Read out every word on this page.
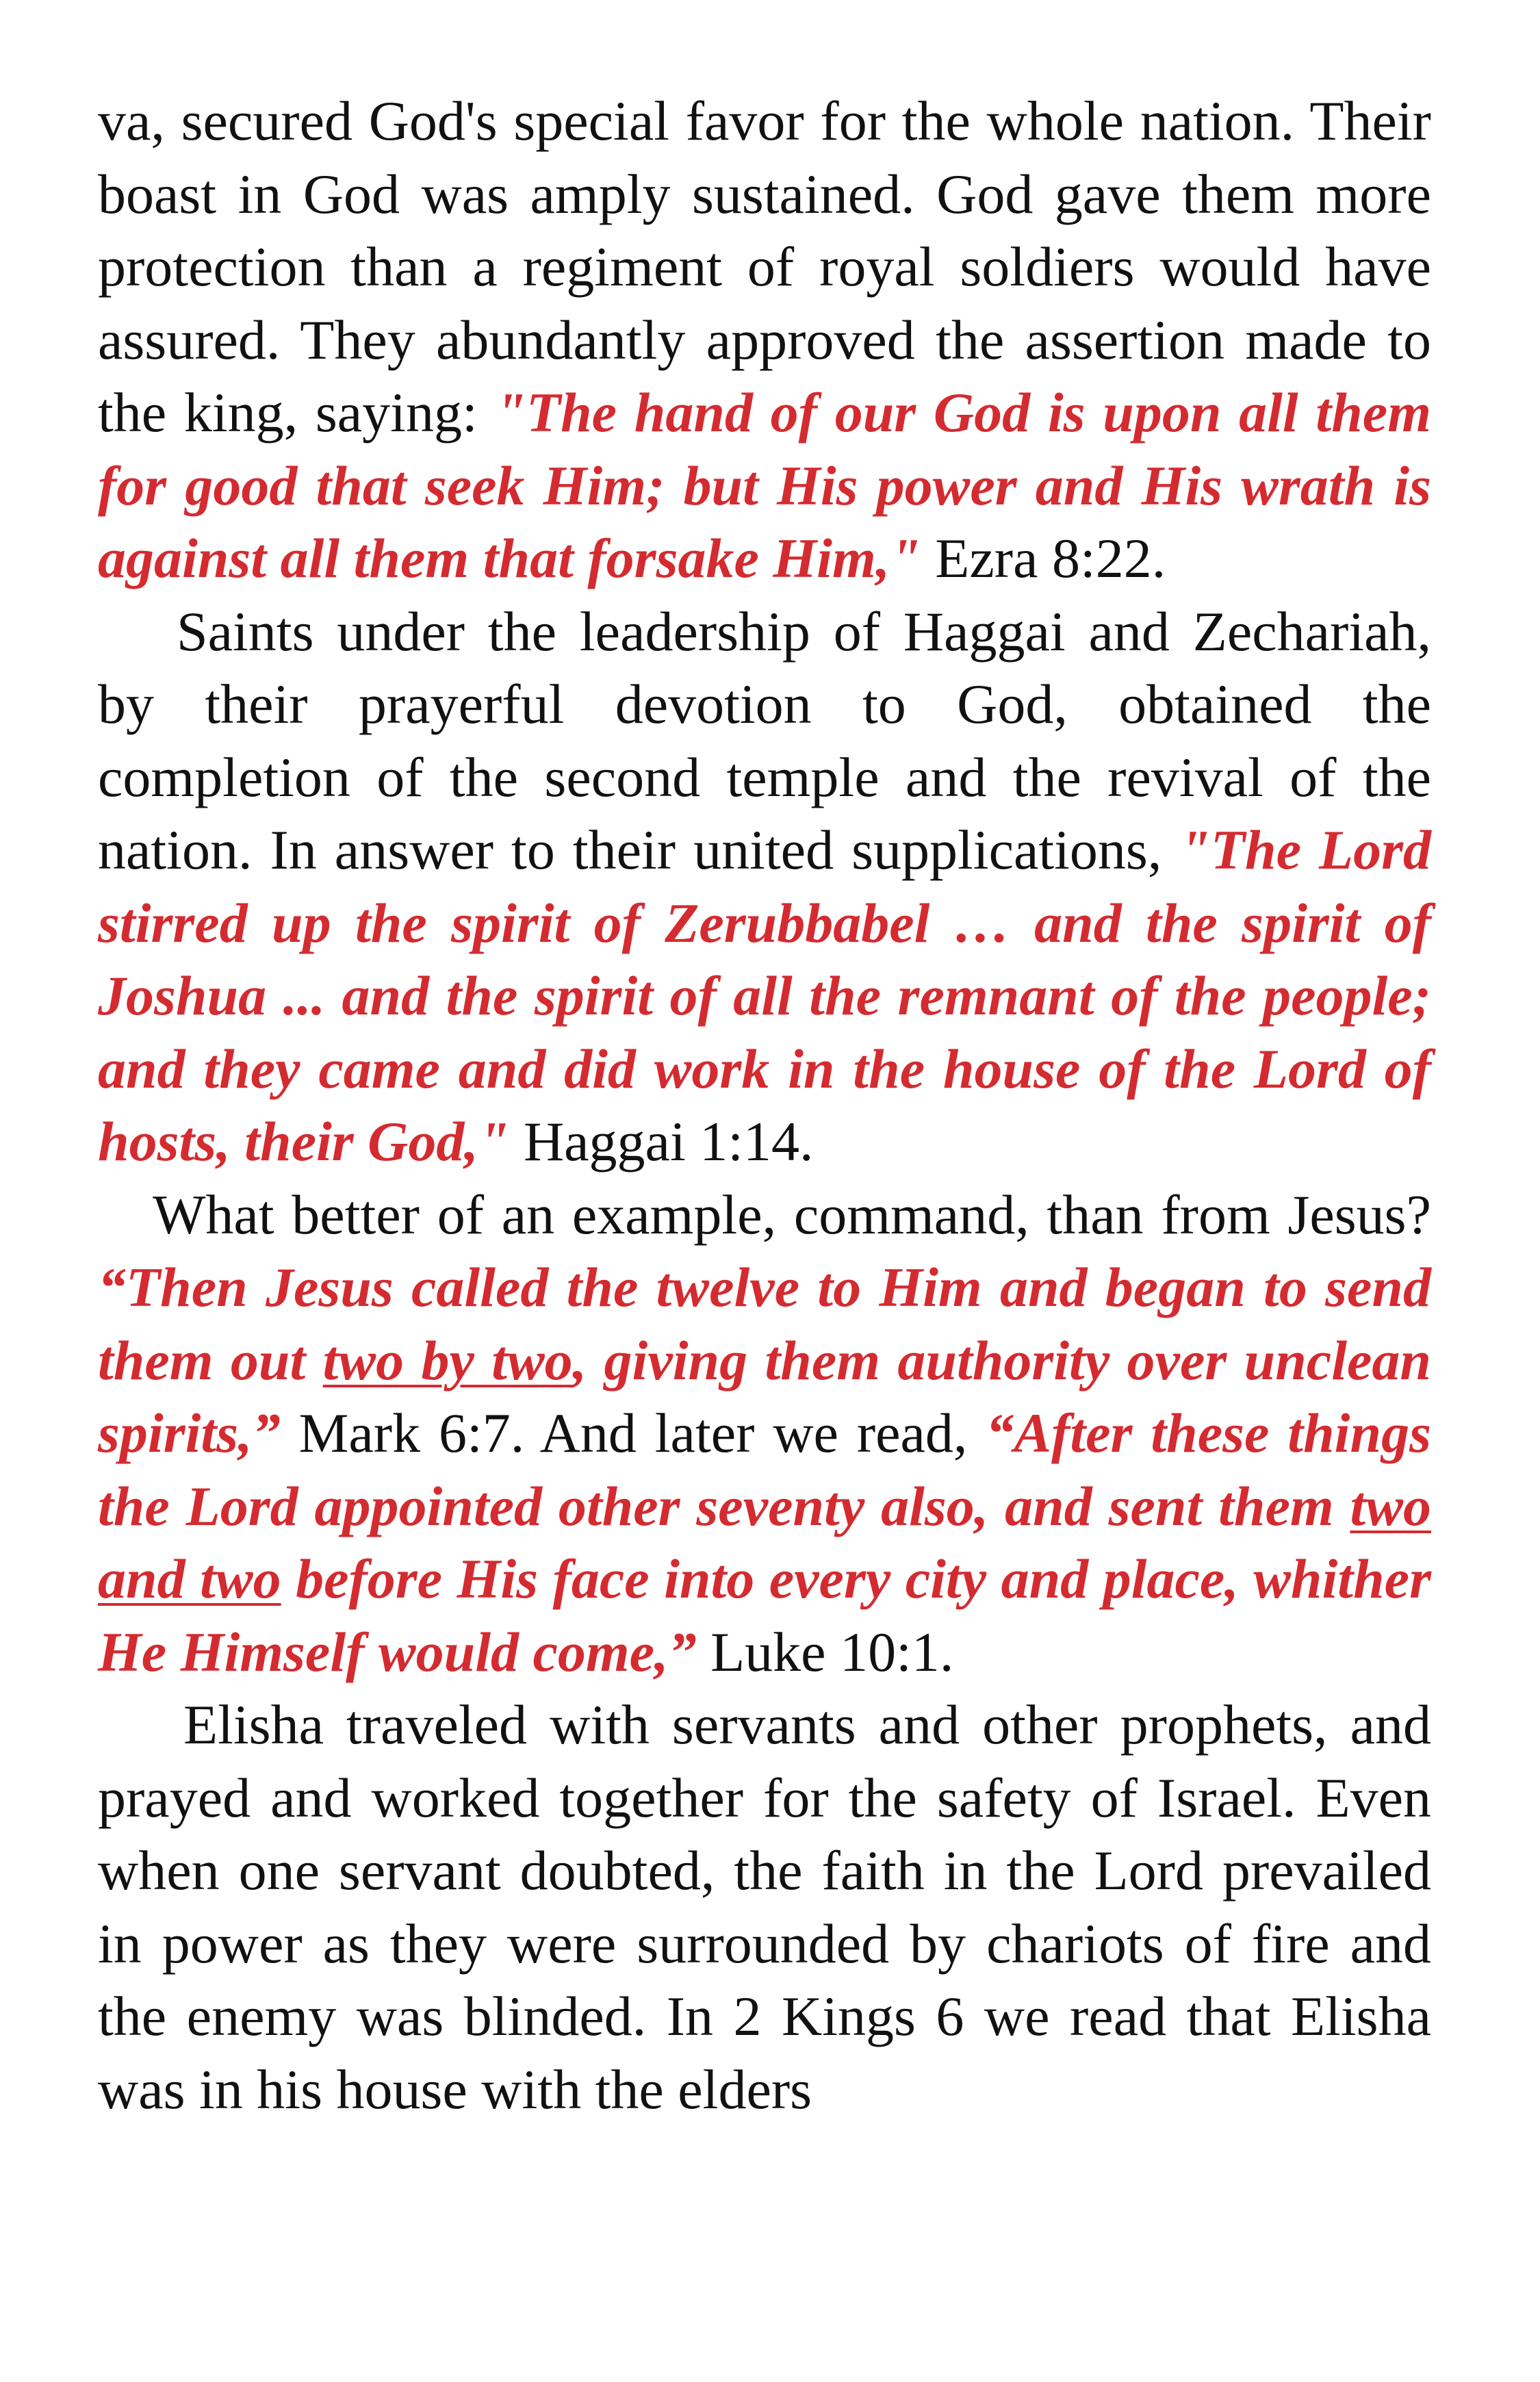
va, secured God's special favor for the whole nation. Their boast in God was amply sustained. God gave them more protection than a regiment of royal soldiers would have assured. They abundantly approved the assertion made to the king, saying: "The hand of our God is upon all them for good that seek Him; but His power and His wrath is against all them that forsake Him," Ezra 8:22.

Saints under the leadership of Haggai and Zechariah, by their prayerful devotion to God, obtained the completion of the second temple and the revival of the nation. In answer to their united supplications, "The Lord stirred up the spirit of Zerubbabel … and the spirit of Joshua ... and the spirit of all the remnant of the people; and they came and did work in the house of the Lord of hosts, their God," Haggai 1:14.

What better of an example, command, than from Jesus? “Then Jesus called the twelve to Him and began to send them out two by two, giving them authority over unclean spirits,” Mark 6:7. And later we read, “After these things the Lord appointed other seventy also, and sent them two and two before His face into every city and place, whither He Himself would come,” Luke 10:1.

Elisha traveled with servants and other prophets, and prayed and worked together for the safety of Israel. Even when one servant doubted, the faith in the Lord prevailed in power as they were surrounded by chariots of fire and the enemy was blinded. In 2 Kings 6 we read that Elisha was in his house with the elders
